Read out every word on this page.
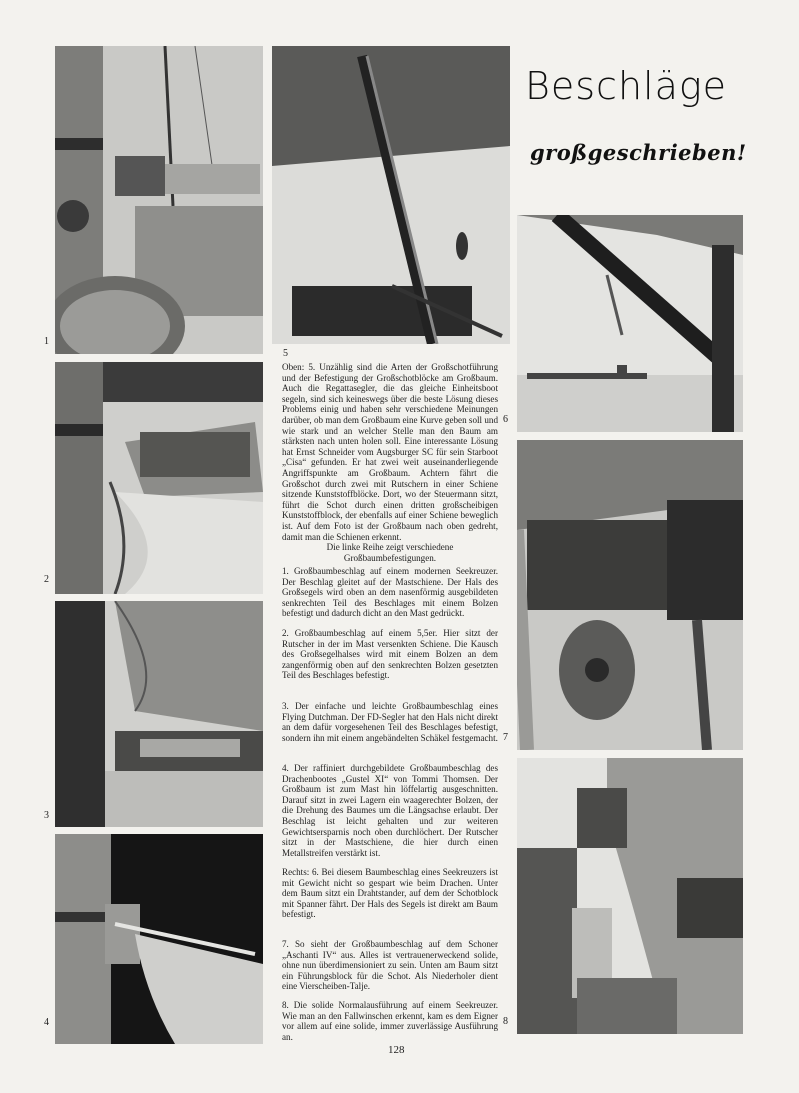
Beschläge
großgeschrieben!
1
2
3
4
5
6
7
8

Oben: 5. Unzählig sind die Arten der Großschotführung und der Befestigung der Großschotblöcke am Großbaum. Auch die Regattasegler, die das gleiche Einheitsboot segeln, sind sich keineswegs über die beste Lösung dieses Problems einig und haben sehr verschiedene Meinungen darüber, ob man dem Großbaum eine Kurve geben soll und wie stark und an welcher Stelle man den Baum am stärksten nach unten holen soll. Eine interessante Lösung hat Ernst Schneider vom Augsburger SC für sein Starboot „Cisa“ gefunden. Er hat zwei weit auseinanderliegende Angriffspunkte am Großbaum. Achtern fährt die Großschot durch zwei mit Rutschern in einer Schiene sitzende Kunststoffblöcke. Dort, wo der Steuermann sitzt, führt die Schot durch einen dritten großscheibigen Kunststoffblock, der ebenfalls auf einer Schiene beweglich ist. Auf dem Foto ist der Großbaum nach oben gedreht, damit man die Schienen erkennt.

Die linke Reihe zeigt verschiedene Großbaumbefestigungen.

1. Großbaumbeschlag auf einem modernen Seekreuzer. Der Beschlag gleitet auf der Mastschiene. Der Hals des Großsegels wird oben an dem nasenförmig ausgebildeten senkrechten Teil des Beschlages mit einem Bolzen befestigt und dadurch dicht an den Mast gedrückt.

2. Großbaumbeschlag auf einem 5,5er. Hier sitzt der Rutscher in der im Mast versenkten Schiene. Die Kausch des Großsegelhalses wird mit einem Bolzen an dem zangenförmig oben auf den senkrechten Bolzen gesetzten Teil des Beschlages befestigt.

3. Der einfache und leichte Großbaumbeschlag eines Flying Dutchman. Der FD-Segler hat den Hals nicht direkt an dem dafür vorgesehenen Teil des Beschlages befestigt, sondern ihn mit einem angebändelten Schäkel festgemacht.

4. Der raffiniert durchgebildete Großbaumbeschlag des Drachenbootes „Gustel XI“ von Tommi Thomsen. Der Großbaum ist zum Mast hin löffelartig ausgeschnitten. Darauf sitzt in zwei Lagern ein waagerechter Bolzen, der die Drehung des Baumes um die Längsachse erlaubt. Der Beschlag ist leicht gehalten und zur weiteren Gewichtsersparnis noch oben durchlöchert. Der Rutscher sitzt in der Mastschiene, die hier durch einen Metallstreifen verstärkt ist.

Rechts: 6. Bei diesem Baumbeschlag eines Seekreuzers ist mit Gewicht nicht so gespart wie beim Drachen. Unter dem Baum sitzt ein Drahtstander, auf dem der Schotblock mit Spanner fährt. Der Hals des Segels ist direkt am Baum befestigt.

7. So sieht der Großbaumbeschlag auf dem Schoner „Aschanti IV“ aus. Alles ist vertrauenerweckend solide, ohne nun überdimensioniert zu sein. Unten am Baum sitzt ein Führungsblock für die Schot. Als Niederholer dient eine Vierscheiben-Talje.

8. Die solide Normalausführung auf einem Seekreuzer. Wie man an den Fallwinschen erkennt, kam es dem Eigner vor allem auf eine solide, immer zuverlässige Ausführung an.

128
